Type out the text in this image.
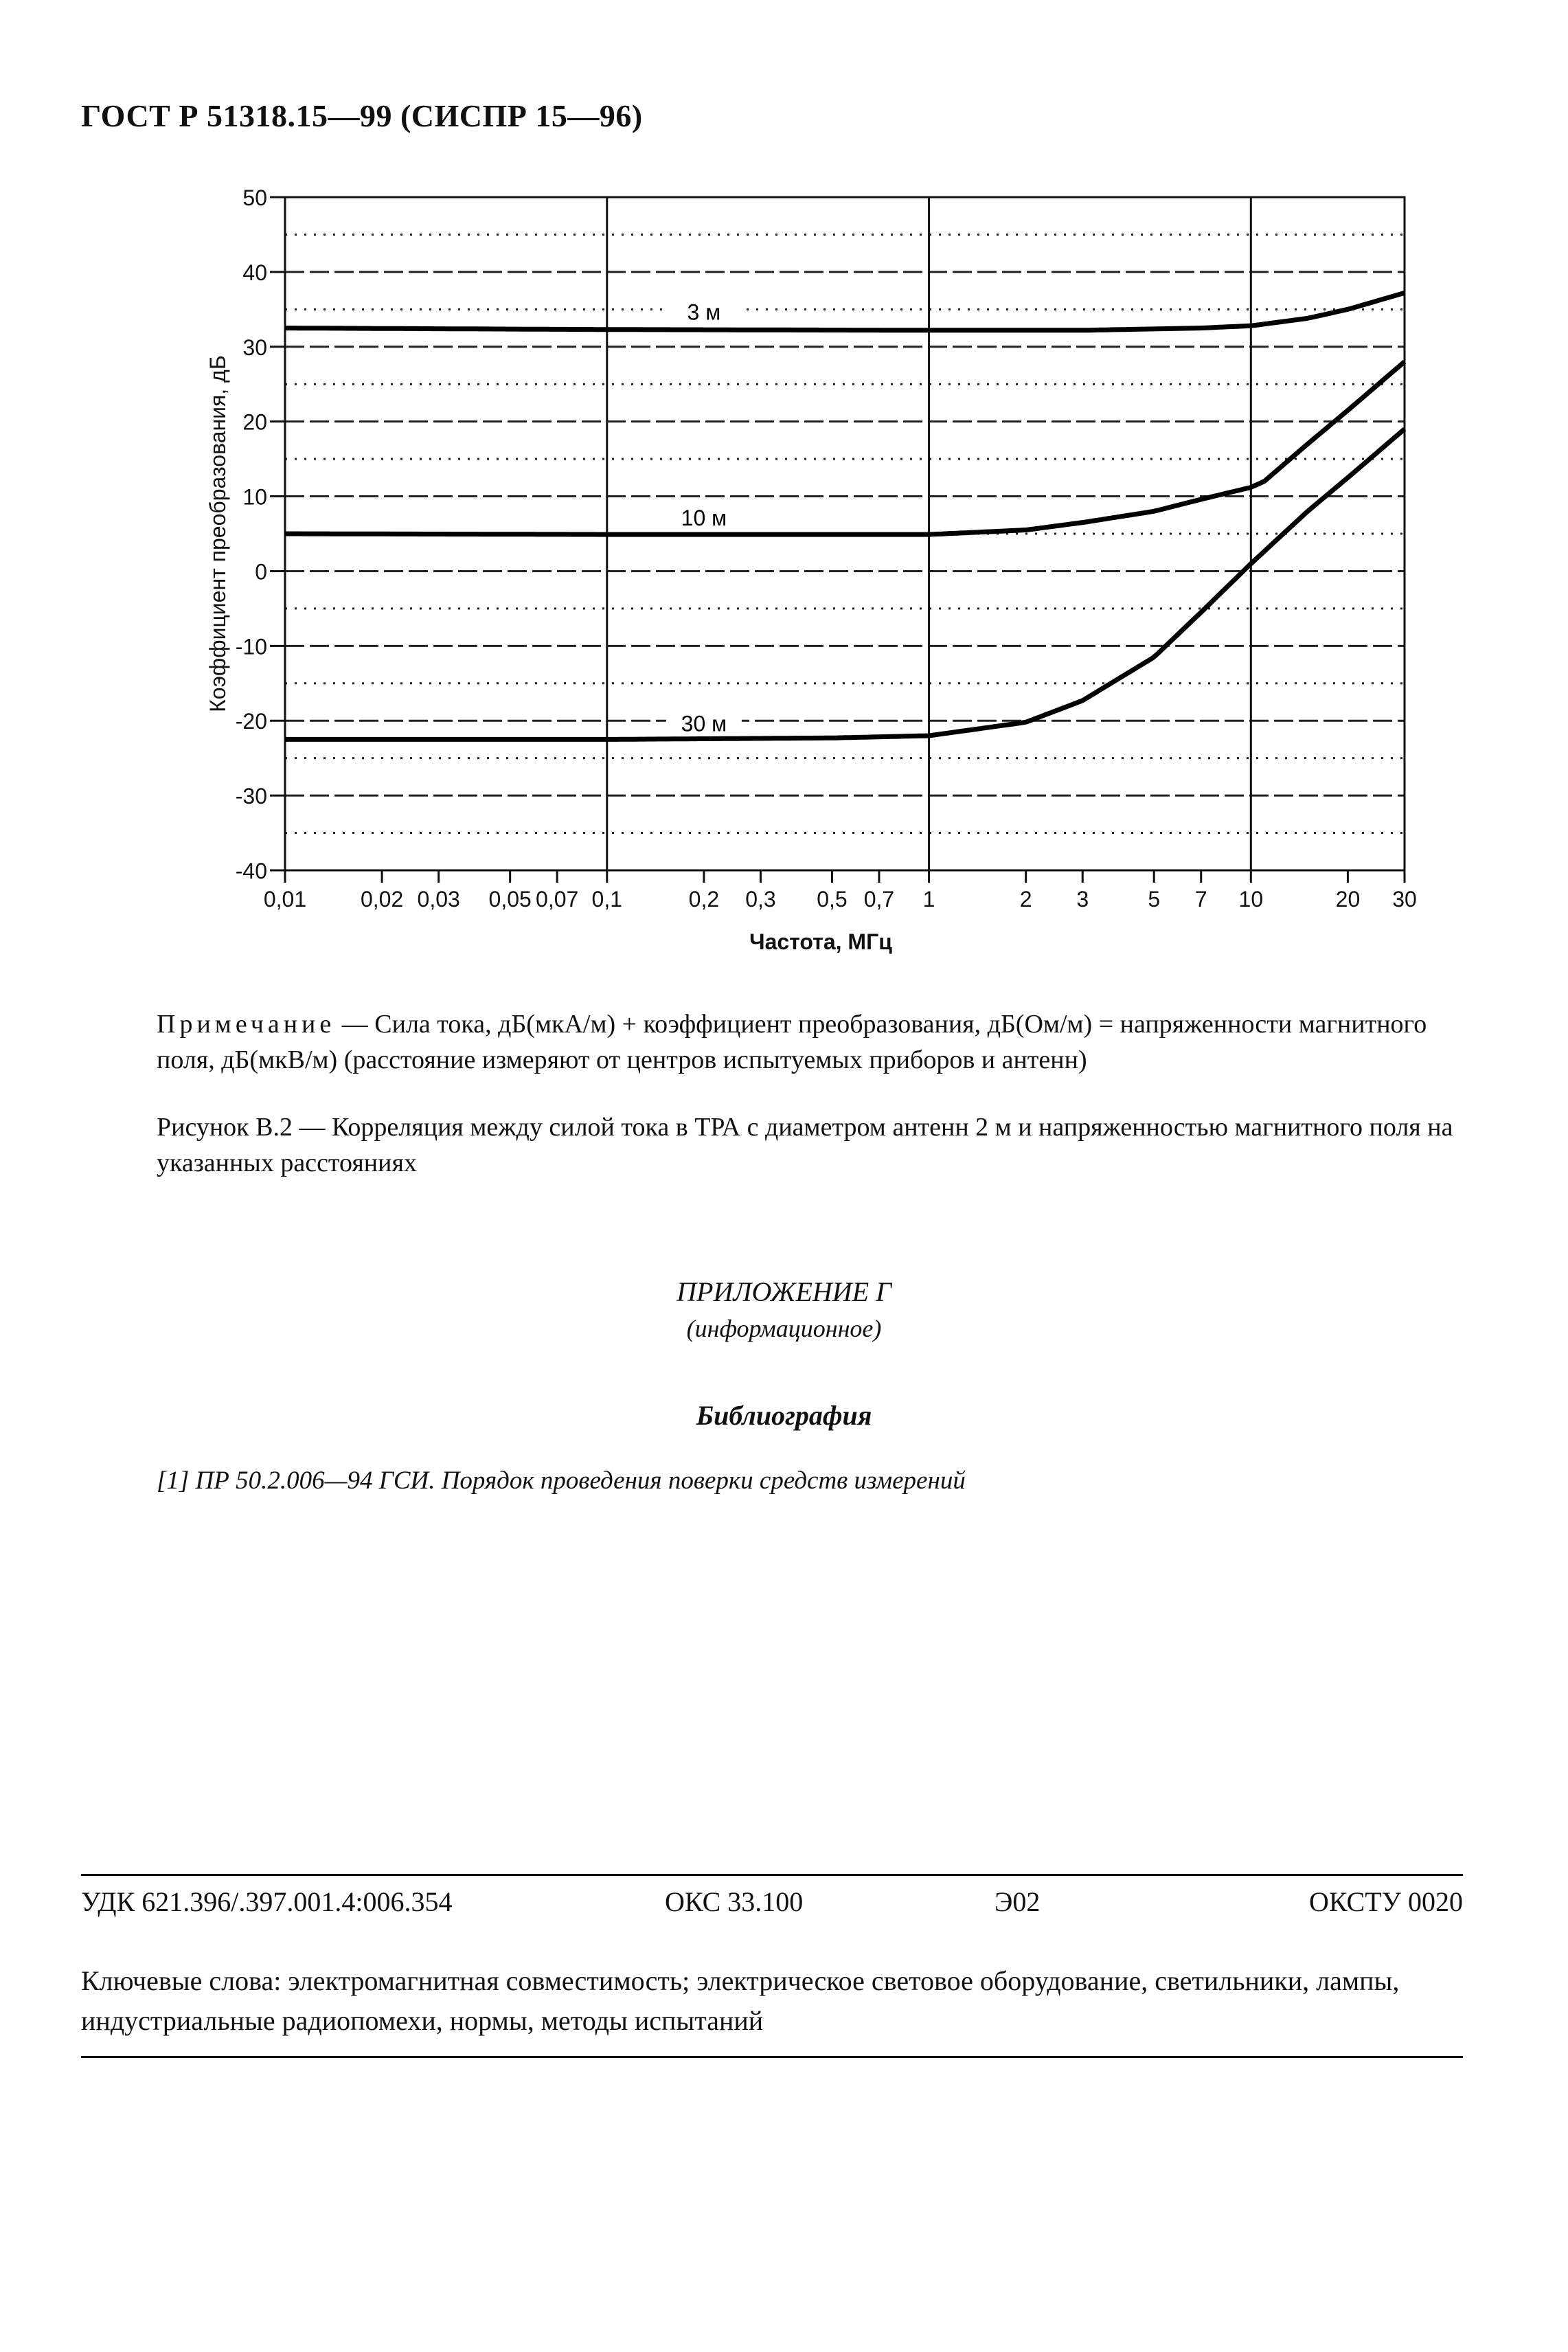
ГОСТ Р 51318.15—99 (СИСПР 15—96)
50
40
30
20
10
0
-10
-20
-30
-40
0,01 0,02 0,03 0,05 0,07 0,1	0,2 0,3 0,5 0,7 1	2 3	5 7 10	20 30
Частота, МГц
Коэффициент преобразования, дБ
3 м
10 м
30 м
Примечание — Сила тока, дБ(мкА/м) + коэффициент преобразования, дБ(Ом/м) = напряженности магнитного поля, дБ(мкВ/м) (расстояние измеряют от центров испытуемых приборов и антенн)
Рисунок В.2 — Корреляция между силой тока в ТРА с диаметром антенн 2 м и напряженностью магнитного поля на указанных расстояниях
ПРИЛОЖЕНИЕ Г
(информационное)
Библиография
[1] ПР 50.2.006—94 ГСИ. Порядок проведения поверки средств измерений
УДК 621.396/.397.001.4:006.354	ОКС 33.100	Э02	ОКСТУ 0020
Ключевые слова: электромагнитная совместимость; электрическое световое оборудование, светильники, лампы, индустриальные радиопомехи, нормы, методы испытаний
